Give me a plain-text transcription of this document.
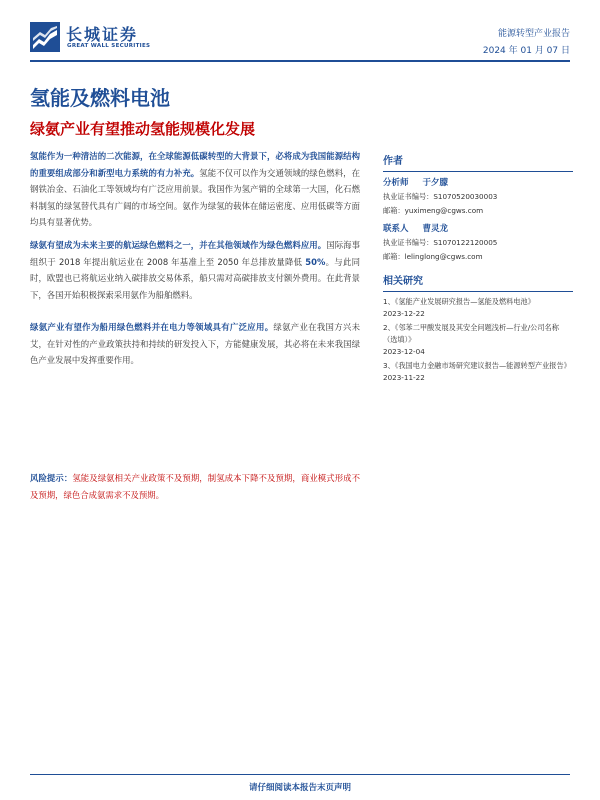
长城证券
GREAT WALL SECURITIES
能源转型产业报告
2024 年 01 月 07 日
氢能及燃料电池
绿氨产业有望推动氢能规模化发展
氢能作为一种清洁的二次能源，在全球能源低碳转型的大背景下，必将成为我国能源结构的重要组成部分和新型电力系统的有力补充。氢能不仅可以作为交通领域的绿色燃料，在钢铁冶金、石油化工等领域均有广泛应用前景。我国作为氢产销的全球第一大国，化石燃料制氢的绿氢替代具有广阔的市场空间。氨作为绿氢的载体在储运密度、应用低碳等方面均具有显著优势。
绿氨有望成为未来主要的航运绿色燃料之一，并在其他领域作为绿色燃料应用。国际海事组织于 2018 年提出航运业在 2008 年基准上至 2050 年总排放量降低 50%。与此同时，欧盟也已将航运业纳入碳排放交易体系，船只需对高碳排放支付额外费用。在此背景下，各国开始积极探索采用氨作为船舶燃料。
绿氨产业有望作为船用绿色燃料并在电力等领域具有广泛应用。绿氨产业在我国方兴未艾，在针对性的产业政策扶持和持续的研发投入下，方能健康发展，其必将在未来我国绿色产业发展中发挥重要作用。
风险提示：氢能及绿氨相关产业政策不及预期，制氢成本下降不及预期，商业模式形成不及预期，绿色合成氨需求不及预期。
作者
分析师 于夕朦
执业证书编号：S1070520030003
邮箱：yuximeng@cgws.com
联系人 曹灵龙
执业证书编号：S1070122120005
邮箱：lelinglong@cgws.com
相关研究
1、《氢能产业发展研究报告—氢能及燃料电池》
2023-12-22
2、《邻苯二甲酸发展及其安全问题浅析—行业/公司名称（选填）》
2023-12-04
3、《我国电力金融市场研究建议报告—能源转型产业报告》
2023-11-22
请仔细阅读本报告末页声明
